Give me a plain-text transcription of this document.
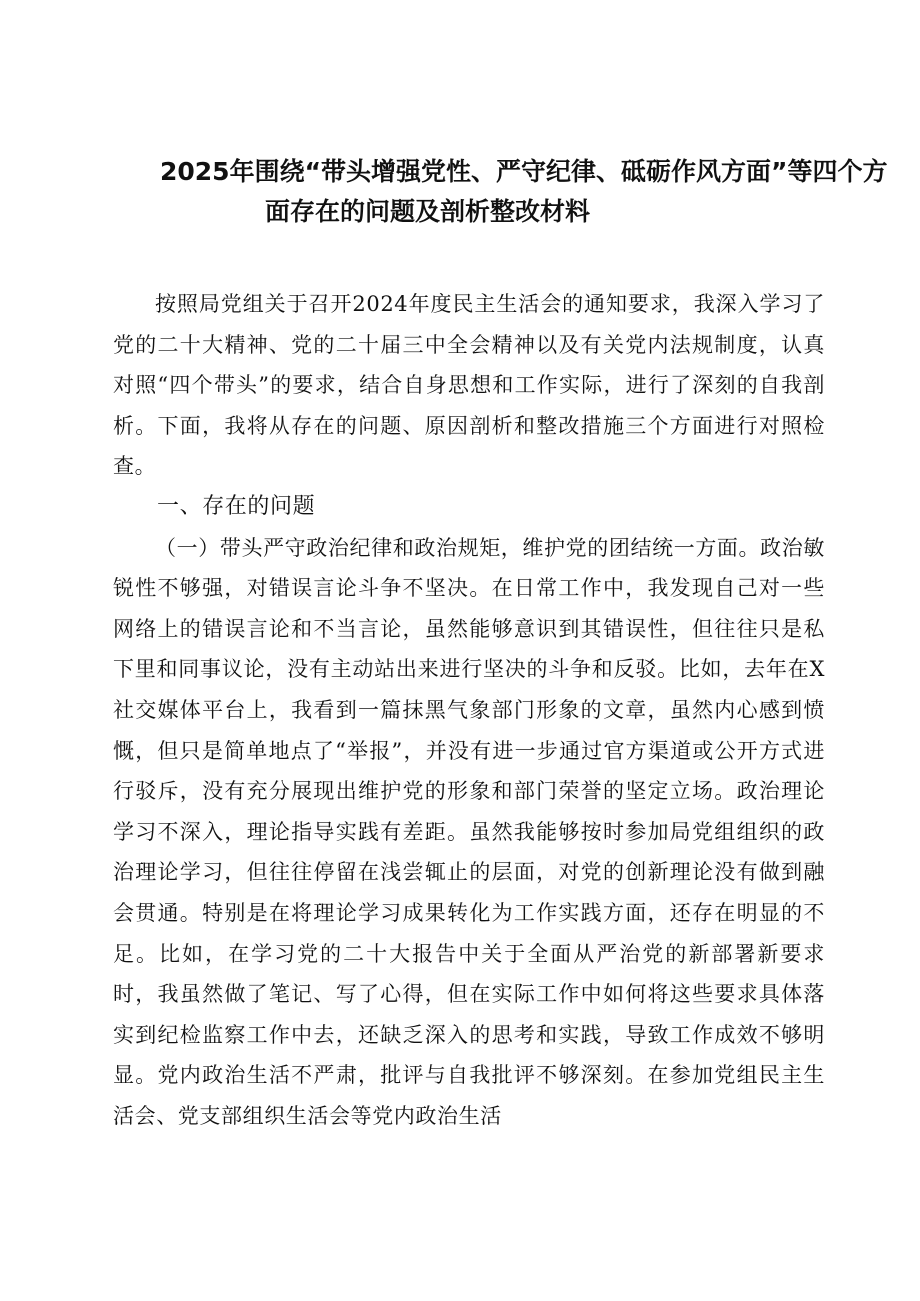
2025年围绕“带头增强党性、严守纪律、砥砺作风方面”等四个方
面存在的问题及剖析整改材料

按照局党组关于召开2024年度民主生活会的通知要求，我深入学习了党的二十大精神、党的二十届三中全会精神以及有关党内法规制度，认真对照“四个带头”的要求，结合自身思想和工作实际，进行了深刻的自我剖析。下面，我将从存在的问题、原因剖析和整改措施三个方面进行对照检查。

一、存在的问题

（一）带头严守政治纪律和政治规矩，维护党的团结统一方面。政治敏锐性不够强，对错误言论斗争不坚决。在日常工作中，我发现自己对一些网络上的错误言论和不当言论，虽然能够意识到其错误性，但往往只是私下里和同事议论，没有主动站出来进行坚决的斗争和反驳。比如，去年在X社交媒体平台上，我看到一篇抹黑气象部门形象的文章，虽然内心感到愤慨，但只是简单地点了“举报”，并没有进一步通过官方渠道或公开方式进行驳斥，没有充分展现出维护党的形象和部门荣誉的坚定立场。政治理论学习不深入，理论指导实践有差距。虽然我能够按时参加局党组组织的政治理论学习，但往往停留在浅尝辄止的层面，对党的创新理论没有做到融会贯通。特别是在将理论学习成果转化为工作实践方面，还存在明显的不足。比如，在学习党的二十大报告中关于全面从严治党的新部署新要求时，我虽然做了笔记、写了心得，但在实际工作中如何将这些要求具体落实到纪检监察工作中去，还缺乏深入的思考和实践，导致工作成效不够明显。党内政治生活不严肃，批评与自我批评不够深刻。在参加党组民主生活会、党支部组织生活会等党内政治生活
